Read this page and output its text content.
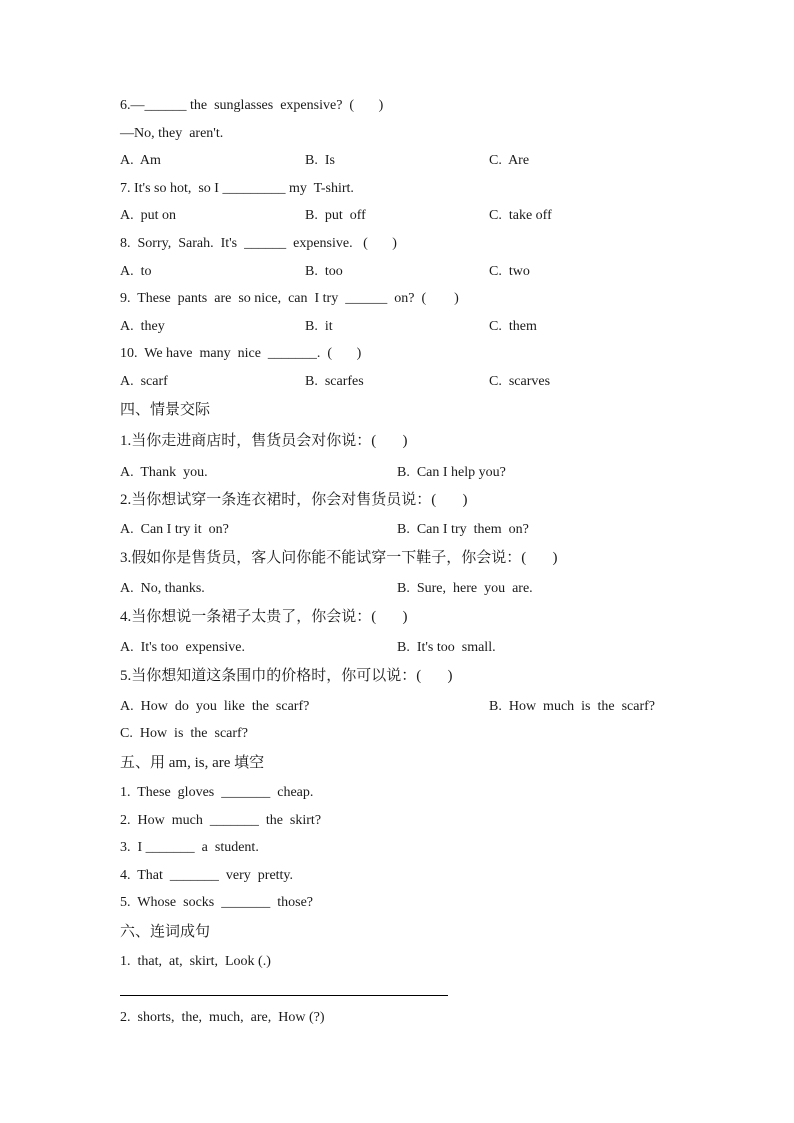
6.—______ the  sunglasses  expensive?  (       )
—No, they  aren't.
A.  Am	B.  Is	C.  Are
7. It's so hot,  so I _________ my  T-shirt.
A.  put on	B.  put  off	C.  take off
8.  Sorry,  Sarah.  It's  ______  expensive.   (       )
A.  to	B.  too	C.  two
9.  These  pants  are  so nice,  can  I try  ______  on?  (        )
A.  they	B.  it	C.  them
10.  We have  many  nice  _______.  (       )
A.  scarf	B.  scarfes	C.  scarves
四、情景交际
1.当你走进商店时，售货员会对你说：(       )
A.  Thank  you.	B.  Can I help you?
2.当你想试穿一条连衣裙时，你会对售货员说：(       )
A.  Can I try it  on?	B.  Can I try  them  on?
3.假如你是售货员，客人问你能不能试穿一下鞋子，你会说：(       )
A.  No, thanks.	B.  Sure,  here  you  are.
4.当你想说一条裙子太贵了，你会说：(       )
A.  It's too  expensive.	B.  It's too  small.
5.当你想知道这条围巾的价格时，你可以说：(       )
A.  How  do  you  like  the  scarf?	B.  How  much  is  the  scarf?
C.  How  is  the  scarf?
五、用 am, is, are 填空
1.  These  gloves  _______  cheap.
2.  How  much  _______  the  skirt?
3.  I _______  a  student.
4.  That  _______  very  pretty.
5.  Whose  socks  _______  those?
六、连词成句
1.  that,  at,  skirt,  Look (.)
2.  shorts,  the,  much,  are,  How (?)
